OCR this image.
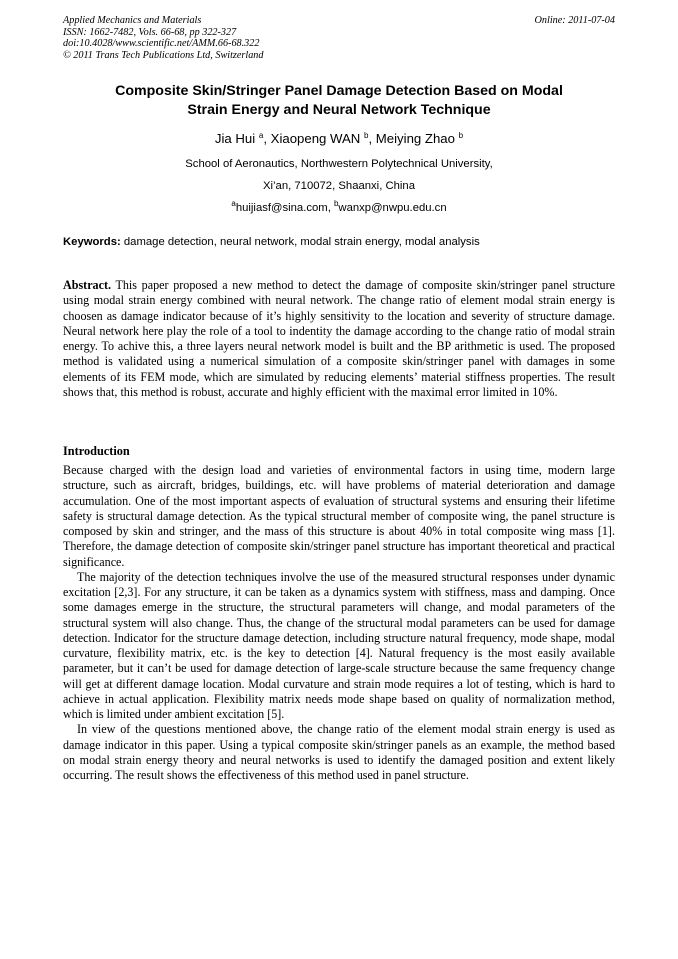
Applied Mechanics and Materials
ISSN: 1662-7482, Vols. 66-68, pp 322-327
doi:10.4028/www.scientific.net/AMM.66-68.322
© 2011 Trans Tech Publications Ltd, Switzerland
Online: 2011-07-04
Composite Skin/Stringer Panel Damage Detection Based on Modal
Strain Energy and Neural Network Technique
Jia Hui $^a$, Xiaopeng WAN $^b$, Meiying Zhao $^b$
School of Aeronautics, Northwestern Polytechnical University,
Xi’an, 710072, Shaanxi, China
$^a$huijiasf@sina.com, $^b$wanxp@nwpu.edu.cn
Keywords: damage detection, neural network, modal strain energy, modal analysis

Abstract. This paper proposed a new method to detect the damage of composite skin/stringer panel structure using modal strain energy combined with neural network. The change ratio of element modal strain energy is choosen as damage indicator because of it’s highly sensitivity to the location and severity of structure damage. Neural network here play the role of a tool to indentity the damage according to the change ratio of modal strain energy. To achive this, a three layers neural network model is built and the BP arithmetic is used. The proposed method is validated using a numerical simulation of a composite skin/stringer panel with damages in some elements of its FEM mode, which are simulated by reducing elements’ material stiffness properties. The result shows that, this method is robust, accurate and highly efficient with the maximal error limited in 10%.

Introduction

Because charged with the design load and varieties of environmental factors in using time, modern large structure, such as aircraft, bridges, buildings, etc. will have problems of material deterioration and damage accumulation. One of the most important aspects of evaluation of structural systems and ensuring their lifetime safety is structural damage detection. As the typical structural member of composite wing, the panel structure is composed by skin and stringer, and the mass of this structure is about 40% in total composite wing mass [1]. Therefore, the damage detection of composite skin/stringer panel structure has important theoretical and practical significance.

The majority of the detection techniques involve the use of the measured structural responses under dynamic excitation [2,3]. For any structure, it can be taken as a dynamics system with stiffness, mass and damping. Once some damages emerge in the structure, the structural parameters will change, and modal parameters of the structural system will also change. Thus, the change of the structural modal parameters can be used for damage detection. Indicator for the structure damage detection, including structure natural frequency, mode shape, modal curvature, flexibility matrix, etc. is the key to detection [4]. Natural frequency is the most easily available parameter, but it can’t be used for damage detection of large-scale structure because the same frequency change will get at different damage location. Modal curvature and strain mode requires a lot of testing, which is hard to achieve in actual application. Flexibility matrix needs mode shape based on quality of normalization method, which is limited under ambient excitation [5].

In view of the questions mentioned above, the change ratio of the element modal strain energy is used as damage indicator in this paper. Using a typical composite skin/stringer panels as an example, the method based on modal strain energy theory and neural networks is used to identify the damaged position and extent likely occurring. The result shows the effectiveness of this method used in panel structure.
